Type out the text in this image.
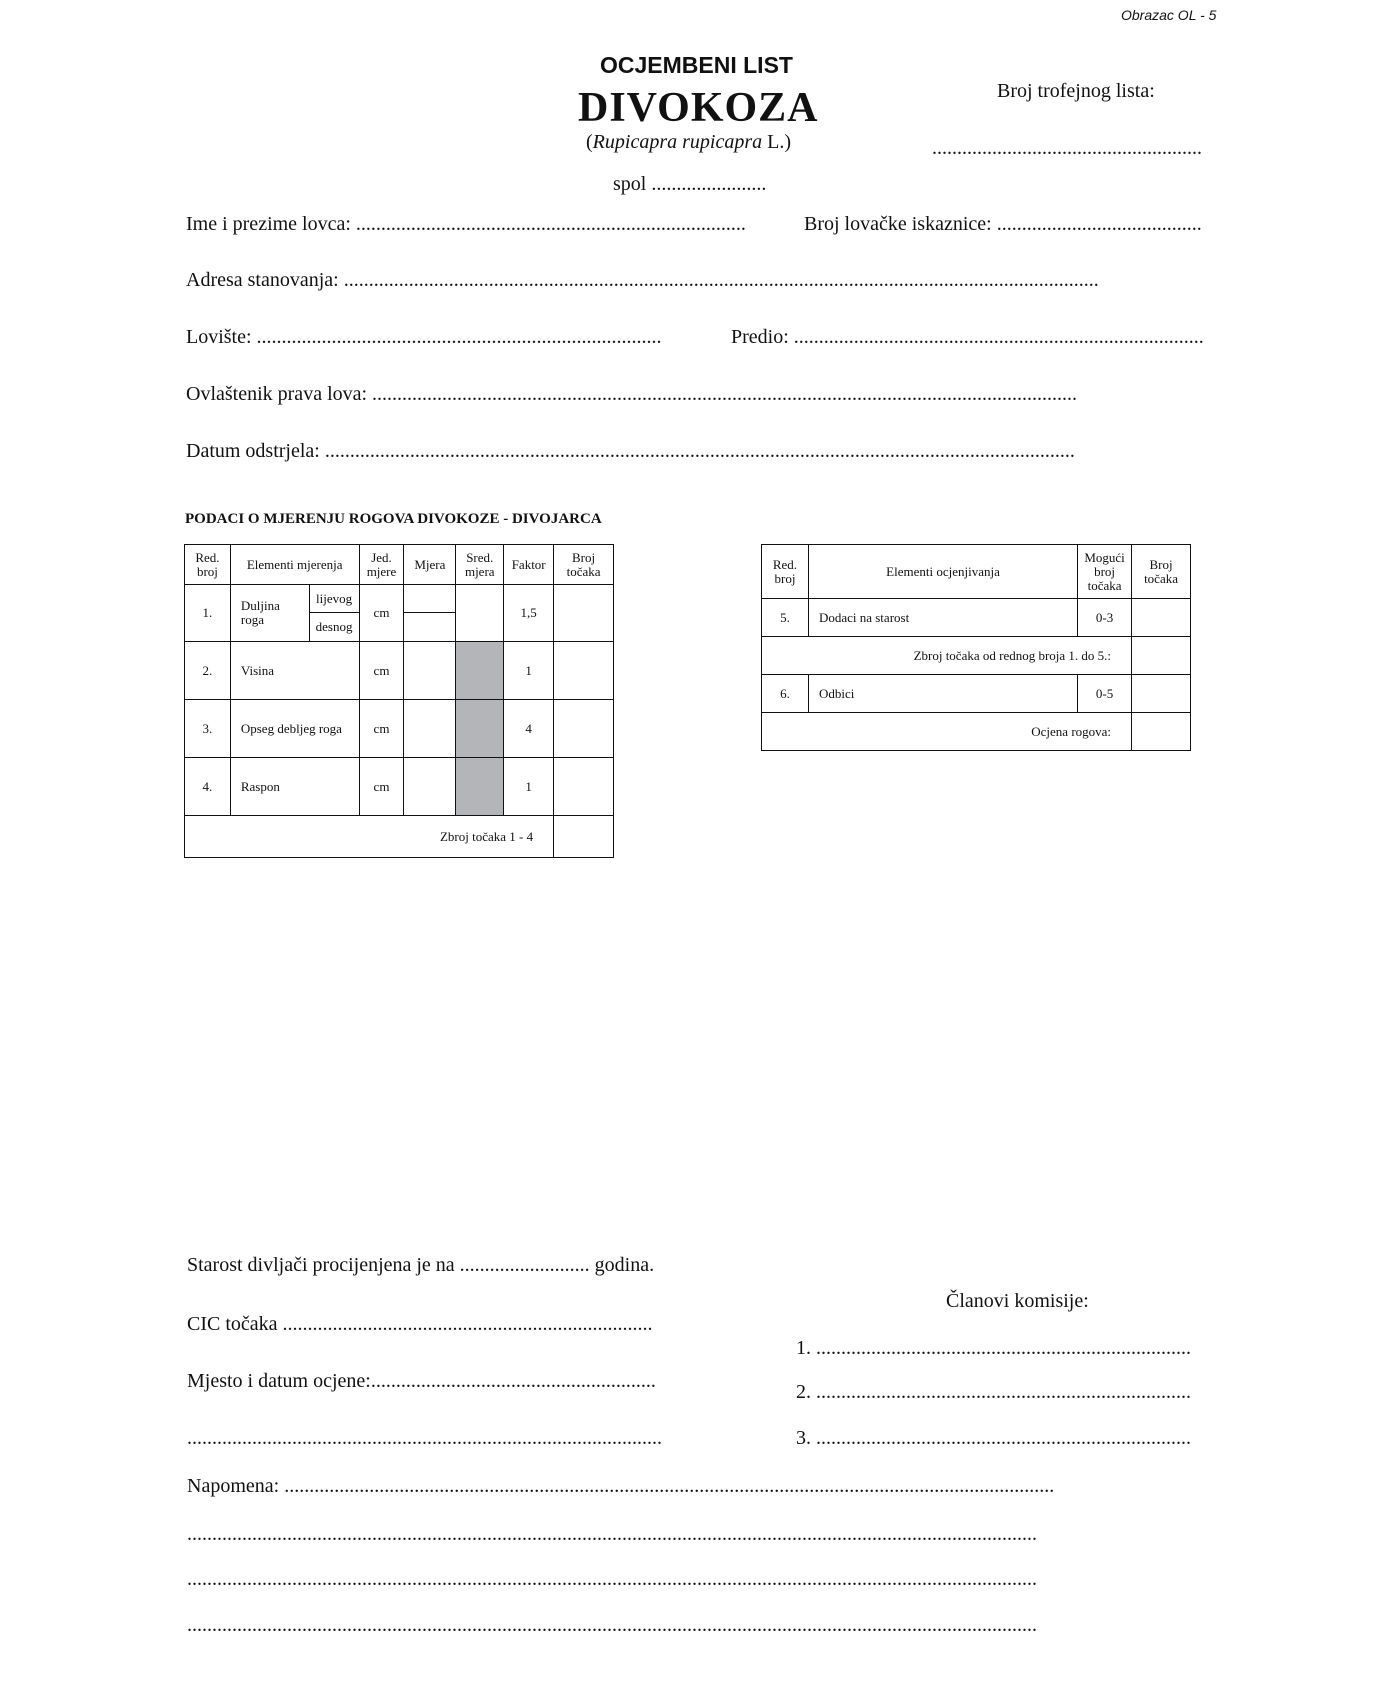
Obrazac OL - 5
OCJEMBENI LIST
DIVOKOZA
(Rupicapra rupicapra L.)
spol .......................
Broj trofejnog lista:
......................................................
Ime i prezime lovca: ..............................................................................	Broj lovačke iskaznice: .........................................
Adresa stanovanja: .......................................................................................................................................................
Lovište: .................................................................................	Predio: ..................................................................................
Ovlaštenik prava lova: .............................................................................................................................................
Datum odstrjela: ......................................................................................................................................................
PODACI O MJERENJU ROGOVA DIVOKOZE - DIVOJARCA
Red. broj	Elementi mjerenja		Jed. mjere	Mjera	Sred. mjera	Faktor	Broj točaka
1.	Duljina roga	lijevog	cm			1,5	
		desnog					
2.	Visina		cm			1	
3.	Opseg debljeg roga		cm			4	
4.	Raspon		cm			1	
Zbroj točaka 1 - 4							
Red. broj	Elementi ocjenjivanja	Mogući broj točaka	Broj točaka
5.	Dodaci na starost	0-3	
Zbroj točaka od rednog broja 1. do 5.:			
6.	Odbici	0-5	
Ocjena rogova:			
Starost divljači procijenjena je na .......................... godina.
Članovi komisije:
CIC točaka ..........................................................................
1. ...........................................................................
Mjesto i datum ocjene:.........................................................	2. ...........................................................................
...............................................................................................	3. ...........................................................................
Napomena: ..........................................................................................................................................................
..........................................................................................................................................................................
..........................................................................................................................................................................
..........................................................................................................................................................................
